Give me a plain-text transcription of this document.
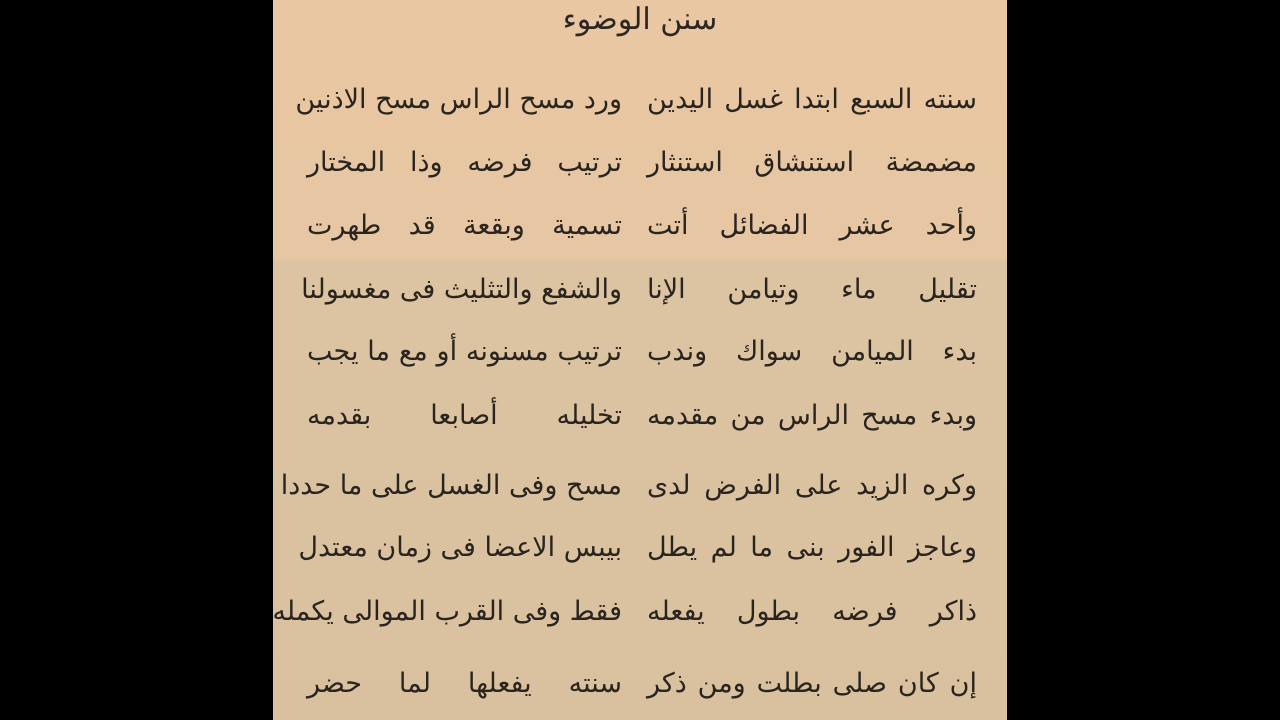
سنن الوضوء
سنته السبع ابتدا غسل اليدين
ورد مسح الراس مسح الاذنين
مضمضة استنشاق استنثار
ترتيب فرضه وذا المختار
وأحد عشر الفضائل أتت
تسمية وبقعة قد طهرت
تقليل ماء وتيامن الإنا
والشفع والتثليث فى مغسولنا
بدء الميامن سواك وندب
ترتيب مسنونه أو مع ما يجب
وبدء مسح الراس من مقدمه
تخليله أصابعا بقدمه
وكره الزيد على الفرض لدى
مسح وفى الغسل على ما حددا
وعاجز الفور بنى ما لم يطل
بيبس الاعضا فى زمان معتدل
ذاكر فرضه بطول يفعله
فقط وفى القرب الموالى يكمله
إن كان صلى بطلت ومن ذكر
سنته يفعلها لما حضر
